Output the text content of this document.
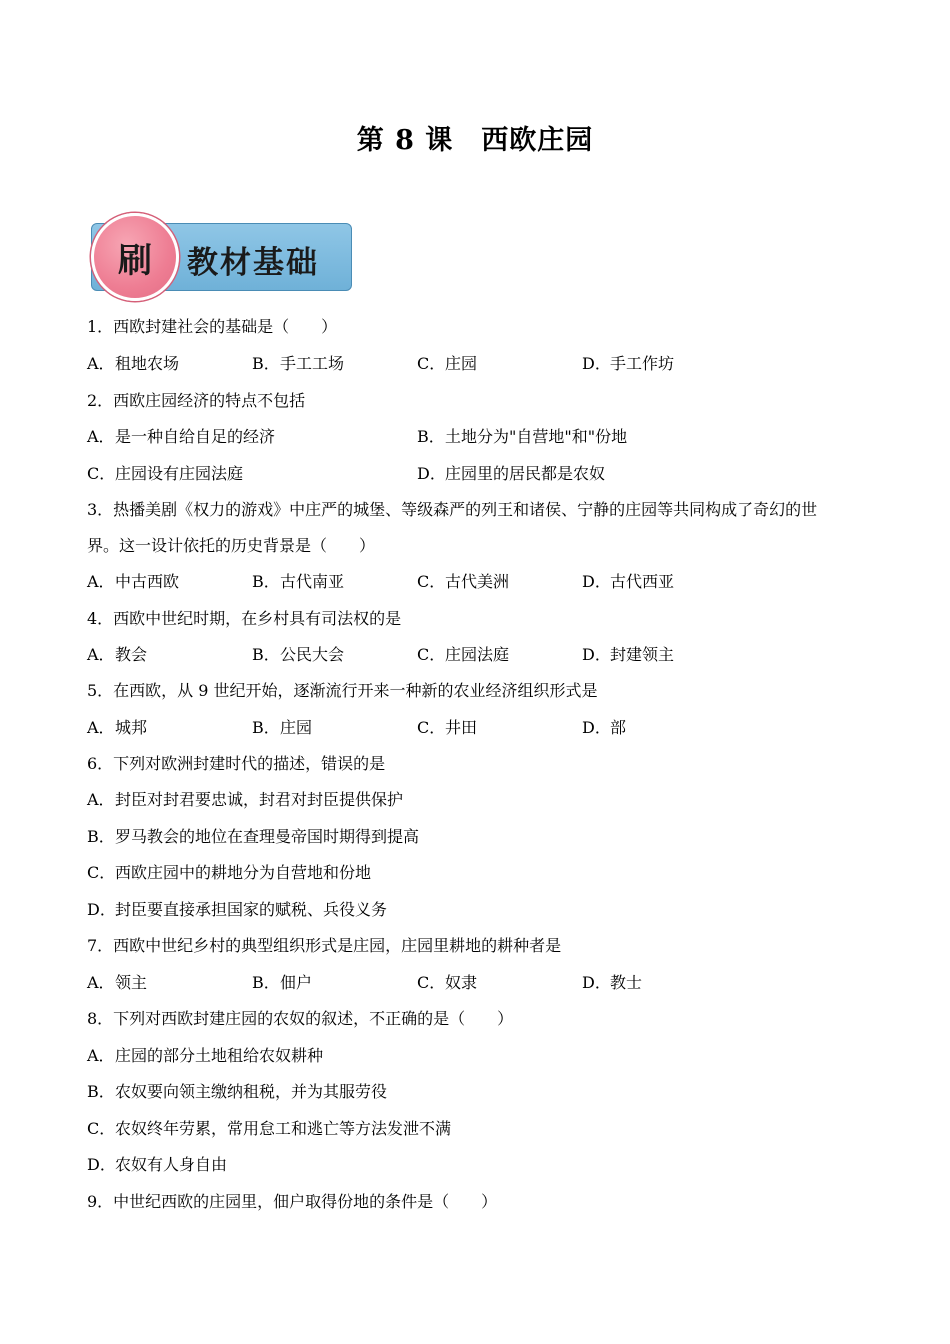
第 8 课 西欧庄园
刷 教材基础
1．西欧封建社会的基础是（　　）
A．租地农场	B．手工工场	C．庄园	D．手工作坊
2．西欧庄园经济的特点不包括
A．是一种自给自足的经济	B．土地分为"自营地"和"份地
C．庄园设有庄园法庭	D．庄园里的居民都是农奴
3．热播美剧《权力的游戏》中庄严的城堡、等级森严的列王和诸侯、宁静的庄园等共同构成了奇幻的世
界。这一设计依托的历史背景是（　　）
A．中古西欧	B．古代南亚	C．古代美洲	D．古代西亚
4．西欧中世纪时期，在乡村具有司法权的是
A．教会	B．公民大会	C．庄园法庭	D．封建领主
5．在西欧，从 9 世纪开始，逐渐流行开来一种新的农业经济组织形式是
A．城邦	B．庄园	C．井田	D．部
6．下列对欧洲封建时代的描述，错误的是
A．封臣对封君要忠诚，封君对封臣提供保护
B．罗马教会的地位在查理曼帝国时期得到提高
C．西欧庄园中的耕地分为自营地和份地
D．封臣要直接承担国家的赋税、兵役义务
7．西欧中世纪乡村的典型组织形式是庄园，庄园里耕地的耕种者是
A．领主	B．佃户	C．奴隶	D．教士
8．下列对西欧封建庄园的农奴的叙述，不正确的是（　　）
A．庄园的部分土地租给农奴耕种
B．农奴要向领主缴纳租税，并为其服劳役
C．农奴终年劳累，常用怠工和逃亡等方法发泄不满
D．农奴有人身自由
9．中世纪西欧的庄园里，佃户取得份地的条件是（　　）
